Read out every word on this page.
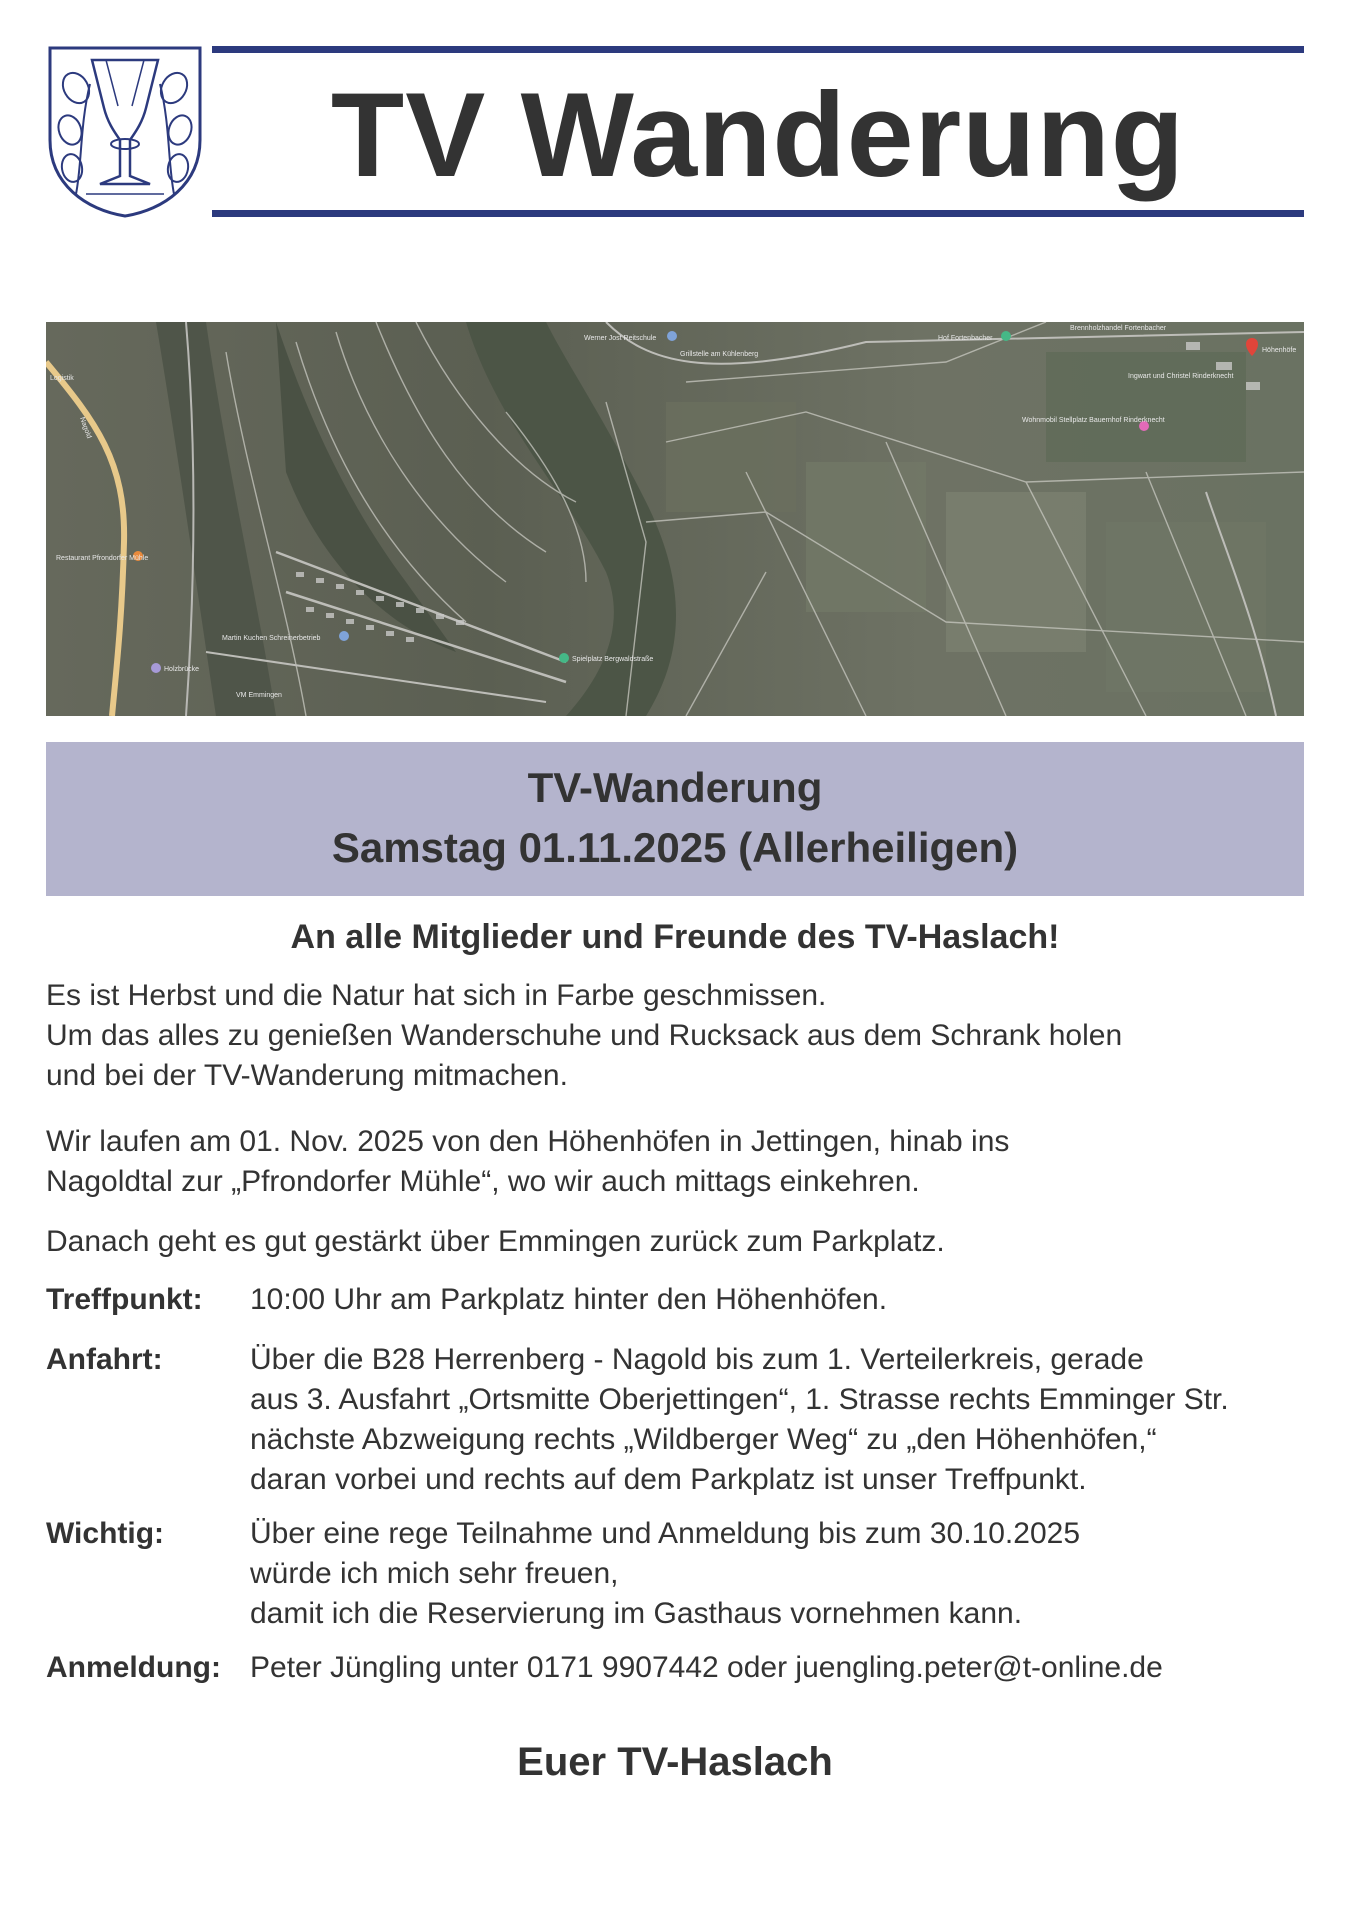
TV Wanderung
Logistik
Nagold
Restaurant Pfrondorfer Mühle
Holzbrücke
VM Emmingen
Martin Kuchen Schreinerbetrieb
Werner Jost Reitschule
Grillstelle am Kühlenberg
Spielplatz Bergwaldstraße
Hof Fortenbacher
Brennholzhandel Fortenbacher
Ingwart und Christel Rinderknecht
Wohnmobil Stellplatz Bauernhof Rinderknecht
Höhenhöfe
TV-Wanderung
Samstag 01.11.2025 (Allerheiligen)
An alle Mitglieder und Freunde des TV-Haslach!
Es ist Herbst und die Natur hat sich in Farbe geschmissen.
Um das alles zu genießen Wanderschuhe und Rucksack aus dem Schrank holen
und bei der TV-Wanderung mitmachen.
Wir laufen am 01. Nov. 2025 von den Höhenhöfen in Jettingen, hinab ins
Nagoldtal zur „Pfrondorfer Mühle“, wo wir auch mittags einkehren.
Danach geht es gut gestärkt über Emmingen zurück zum Parkplatz.
Treffpunkt: 10:00 Uhr am Parkplatz hinter den Höhenhöfen.
Anfahrt:	Über die B28 Herrenberg - Nagold bis zum 1. Verteilerkreis, gerade
aus 3. Ausfahrt „Ortsmitte Oberjettingen“, 1. Strasse rechts Emminger Str.
nächste Abzweigung rechts „Wildberger Weg“ zu „den Höhenhöfen,“
daran vorbei und rechts auf dem Parkplatz ist unser Treffpunkt.
Wichtig:	Über eine rege Teilnahme und Anmeldung bis zum 30.10.2025
würde ich mich sehr freuen,
damit ich die Reservierung im Gasthaus vornehmen kann.
Anmeldung: Peter Jüngling unter 0171 9907442 oder juengling.peter@t-online.de
Euer TV-Haslach
